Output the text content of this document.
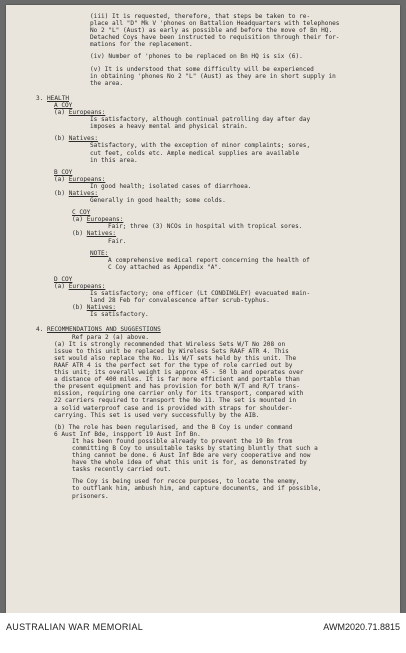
(iii) It is requested, therefore, that steps be taken to re-
place all "D" Mk V 'phones on Battalion Headquarters with telephones
No 2 "L" (Aust) as early as possible and before the move of Bn HQ.
Detached Coys have been instructed to requisition through their for-
mations for the replacement.

(iv) Number of 'phones to be replaced on Bn HQ is six (6).

(v) It is understood that some difficulty will be experienced
in obtaining 'phones No 2 "L" (Aust) as they are in short supply in
the area.

3. HEALTH

A COY

(a) Europeans:

Is satisfactory, although continual patrolling day after day
imposes a heavy mental and physical strain.

(b) Natives:

Satisfactory, with the exception of minor complaints; sores,
cut feet, colds etc. Ample medical supplies are available
in this area.

B COY

(a) Europeans:

In good health; isolated cases of diarrhoea.

(b) Natives:

Generally in good health; some colds.

C COY

(a) Europeans:

Fair; three (3) NCOs in hospital with tropical sores.

(b) Natives:

Fair.

NOTE:

A comprehensive medical report concerning the health of
C Coy attached as Appendix "A".

D COY

(a) Europeans:

Is satisfactory; one officer (Lt CONDINGLEY) evacuated main-
land 28 Feb for convalescence after scrub-typhus.

(b) Natives:

Is satisfactory.

4. RECOMMENDATIONS AND SUGGESTIONS

Ref para 2 (a) above.

(a) It is strongly recommended that Wireless Sets W/T No 208 on
issue to this unit be replaced by Wireless Sets RAAF ATR 4. This
set would also replace the No. 11s W/T sets held by this unit. The
RAAF ATR 4 is the perfect set for the type of role carried out by
this unit; its overall weight is approx 45 - 50 lb and operates over
a distance of 400 miles. It is far more efficient and portable than
the present equipment and has provision for both W/T and R/T trans-
mission, requiring one carrier only for its transport, compared with
22 carriers required to transport the No 11. The set is mounted in
a solid waterproof case and is provided with straps for shoulder-
carrying. This set is used very successfully by the AIB.

(b) The role has been regularised, and the B Coy is under command
6 Aust Inf Bde, inspport 19 Aust Inf Bn.

It has been found possible already to prevent the 19 Bn from
committing B Coy to unsuitable tasks by stating bluntly that such a
thing cannot be done. 6 Aust Inf Bde are very cooperative and now
have the whole idea of what this unit is for, as demonstrated by
tasks recently carried out.

The Coy is being used for recce purposes, to locate the enemy,
to outflank him, ambush him, and capture documents, and if possible,
prisoners.

AUSTRALIAN WAR MEMORIAL	AWM2020.71.8815
